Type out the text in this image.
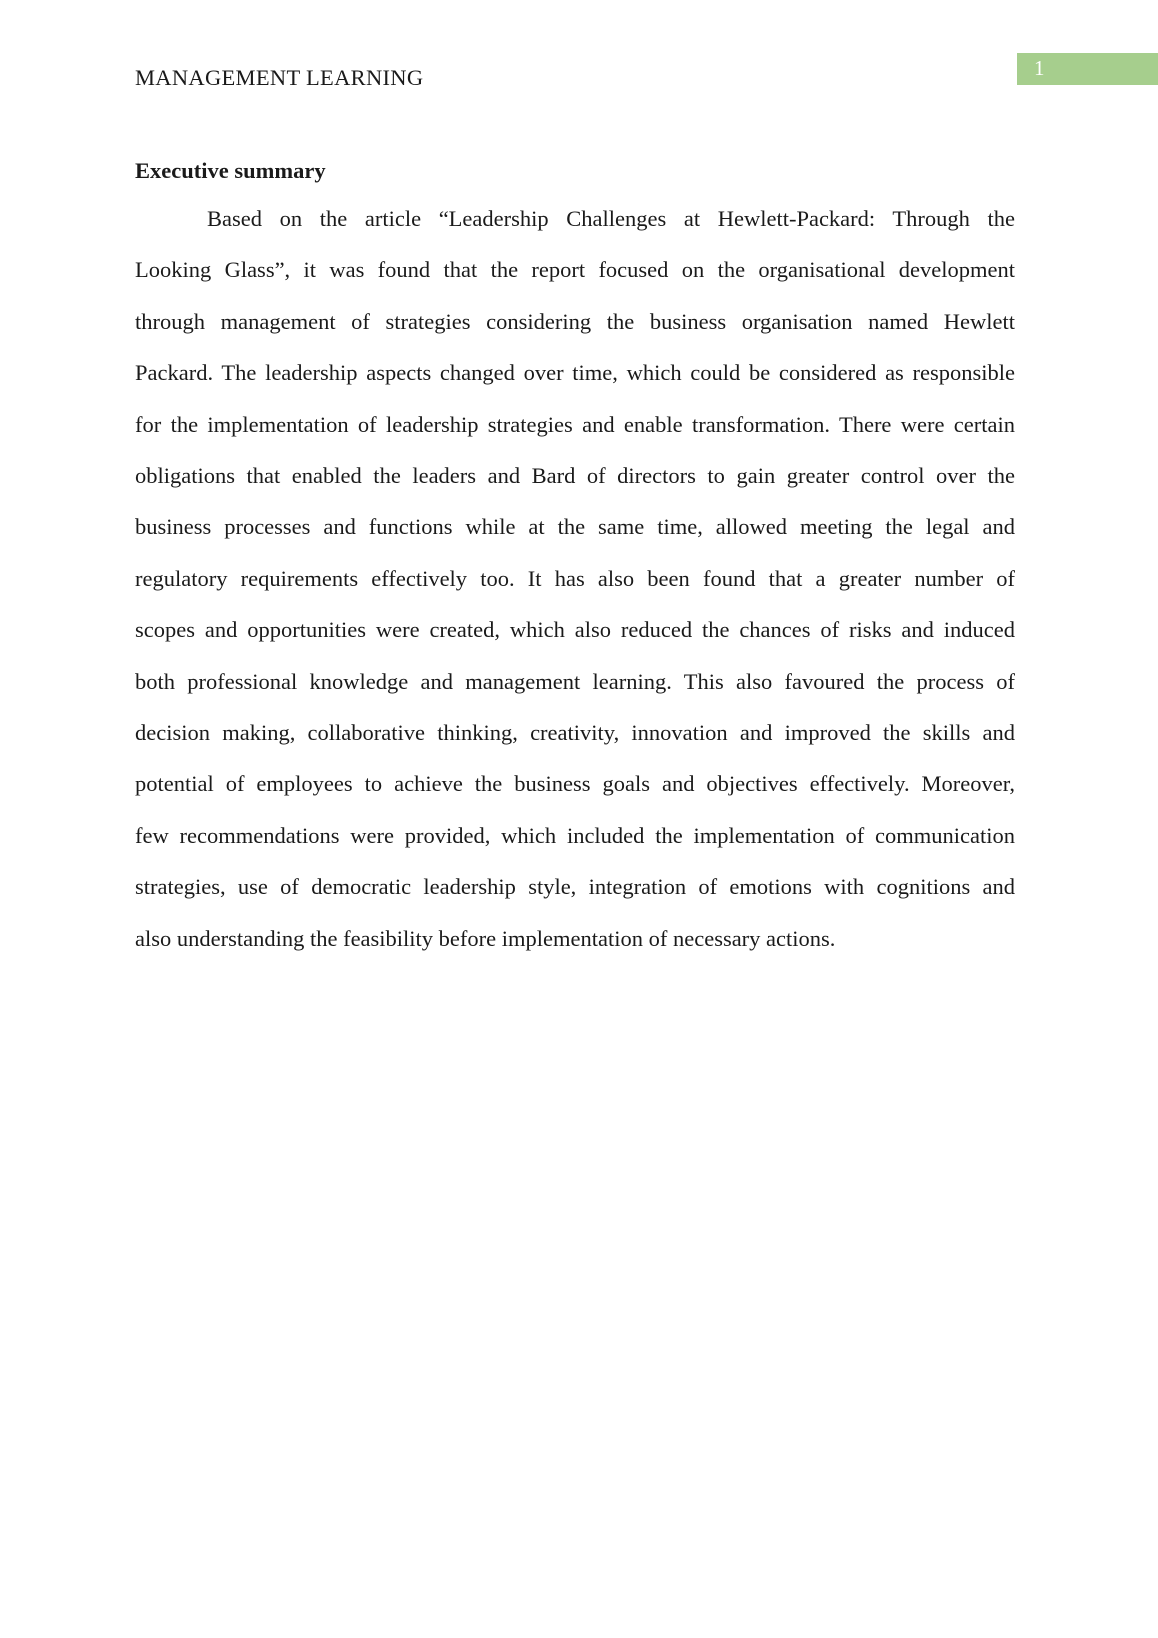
MANAGEMENT LEARNING	1
Executive summary
Based on the article “Leadership Challenges at Hewlett-Packard: Through the
Looking Glass”, it was found that the report focused on the organisational development
through management of strategies considering the business organisation named Hewlett
Packard. The leadership aspects changed over time, which could be considered as responsible
for the implementation of leadership strategies and enable transformation. There were certain
obligations that enabled the leaders and Bard of directors to gain greater control over the
business processes and functions while at the same time, allowed meeting the legal and
regulatory requirements effectively too. It has also been found that a greater number of
scopes and opportunities were created, which also reduced the chances of risks and induced
both professional knowledge and management learning. This also favoured the process of
decision making, collaborative thinking, creativity, innovation and improved the skills and
potential of employees to achieve the business goals and objectives effectively. Moreover,
few recommendations were provided, which included the implementation of communication
strategies, use of democratic leadership style, integration of emotions with cognitions and
also understanding the feasibility before implementation of necessary actions.
